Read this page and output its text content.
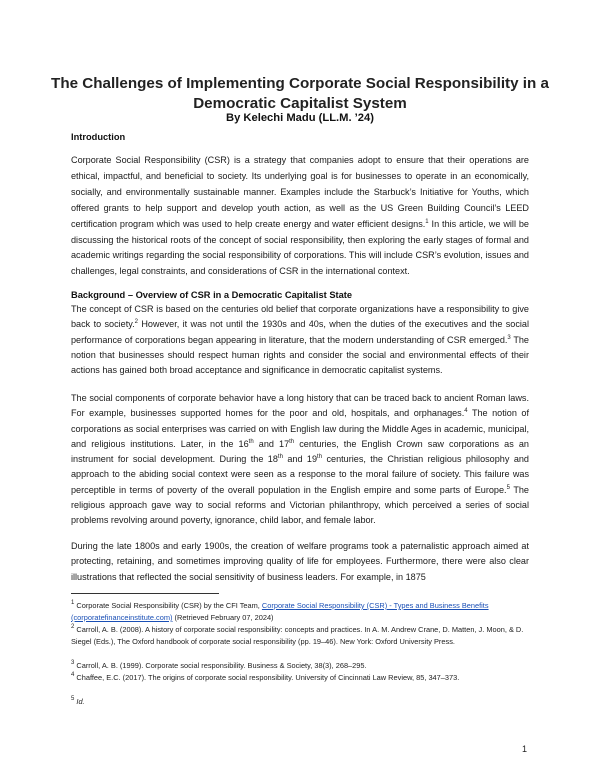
The Challenges of Implementing Corporate Social Responsibility in a
Democratic Capitalist System
By Kelechi Madu (LL.M. ’24)
Introduction
Corporate Social Responsibility (CSR) is a strategy that companies adopt to ensure that their operations are ethical, impactful, and beneficial to society. Its underlying goal is for businesses to operate in an economically, socially, and environmentally sustainable manner. Examples include the Starbuck’s Initiative for Youths, which offered grants to help support and develop youth action, as well as the US Green Building Council’s LEED certification program which was used to help create energy and water efficient designs.$^1$ In this article, we will be discussing the historical roots of the concept of social responsibility, then exploring the early stages of formal and academic writings regarding the social responsibility of corporations. This will include CSR’s evolution, issues and challenges, legal constraints, and considerations of CSR in the international context.
Background – Overview of CSR in a Democratic Capitalist State
The concept of CSR is based on the centuries old belief that corporate organizations have a responsibility to give back to society.$^2$ However, it was not until the 1930s and 40s, when the duties of the executives and the social performance of corporations began appearing in literature, that the modern understanding of CSR emerged.$^3$ The notion that businesses should respect human rights and consider the social and environmental effects of their actions has gained both broad acceptance and significance in democratic capitalist systems.
The social components of corporate behavior have a long history that can be traced back to ancient Roman laws. For example, businesses supported homes for the poor and old, hospitals, and orphanages.$^4$ The notion of corporations as social enterprises was carried on with English law during the Middle Ages in academic, municipal, and religious institutions. Later, in the 16th and 17th centuries, the English Crown saw corporations as an instrument for social development. During the 18th and 19th centuries, the Christian religious philosophy and approach to the abiding social context were seen as a response to the moral failure of society. This failure was perceptible in terms of poverty of the overall population in the English empire and some parts of Europe.$^5$ The religious approach gave way to social reforms and Victorian philanthropy, which perceived a series of social problems revolving around poverty, ignorance, child labor, and female labor.
During the late 1800s and early 1900s, the creation of welfare programs took a paternalistic approach aimed at protecting, retaining, and sometimes improving quality of life for employees. Furthermore, there were also clear illustrations that reflected the social sensitivity of business leaders. For example, in 1875
$^1$ Corporate Social Responsibility (CSR) by the CFI Team, Corporate Social Responsibility (CSR) - Types and Business Benefits (corporatefinanceinstitute.com) (Retrieved February 07, 2024)
$^2$ Carroll, A. B. (2008). A history of corporate social responsibility: concepts and practices. In A. M. Andrew Crane, D. Matten, J. Moon, & D. Siegel (Eds.), The Oxford handbook of corporate social responsibility (pp. 19–46). New York: Oxford University Press.
$^3$ Carroll, A. B. (1999). Corporate social responsibility. Business & Society, 38(3), 268–295.
$^4$ Chaffee, E.C. (2017). The origins of corporate social responsibility. University of Cincinnati Law Review, 85, 347–373.
$^5$ Id.
1
